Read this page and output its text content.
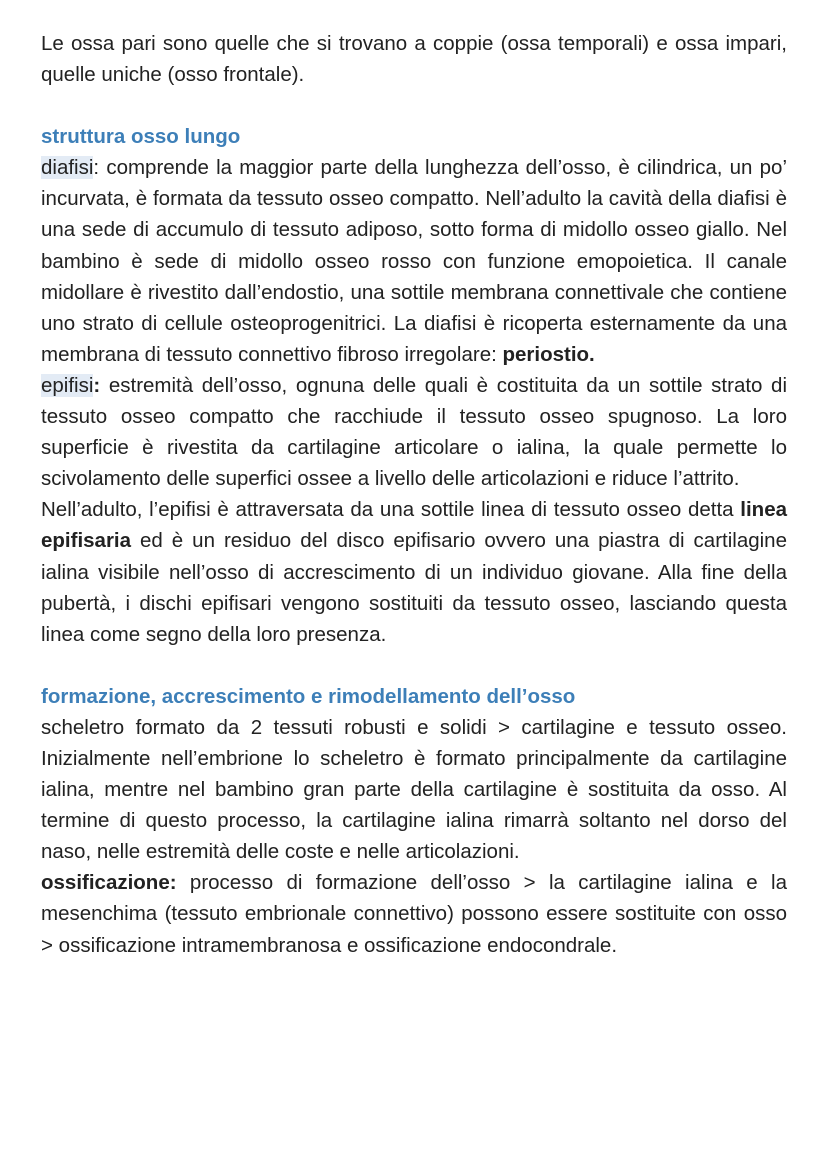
Le ossa pari sono quelle che si trovano a coppie (ossa temporali) e ossa impari, quelle uniche (osso frontale).

struttura osso lungo

diafisi: comprende la maggior parte della lunghezza dell’osso, è cilindrica, un po’ incurvata, è formata da tessuto osseo compatto. Nell’adulto la cavità della diafisi è una sede di accumulo di tessuto adiposo, sotto forma di midollo osseo giallo. Nel bambino è sede di midollo osseo rosso con funzione emopoietica. Il canale midollare è rivestito dall’endostio, una sottile membrana connettivale che contiene uno strato di cellule osteoprogenitrici. La diafisi è ricoperta esternamente da una membrana di tessuto connettivo fibroso irregolare: periostio.

epifisi: estremità dell’osso, ognuna delle quali è costituita da un sottile strato di tessuto osseo compatto che racchiude il tessuto osseo spugnoso. La loro superficie è rivestita da cartilagine articolare o ialina, la quale permette lo scivolamento delle superfici ossee a livello delle articolazioni e riduce l’attrito.

Nell’adulto, l’epifisi è attraversata da una sottile linea di tessuto osseo detta linea epifisaria ed è un residuo del disco epifisario ovvero una piastra di cartilagine ialina visibile nell’osso di accrescimento di un individuo giovane. Alla fine della pubertà, i dischi epifisari vengono sostituiti da tessuto osseo, lasciando questa linea come segno della loro presenza.

formazione, accrescimento e rimodellamento dell’osso

scheletro formato da 2 tessuti robusti e solidi > cartilagine e tessuto osseo. Inizialmente nell’embrione lo scheletro è formato principalmente da cartilagine ialina, mentre nel bambino gran parte della cartilagine è sostituita da osso. Al termine di questo processo, la cartilagine ialina rimarrà soltanto nel dorso del naso, nelle estremità delle coste e nelle articolazioni.

ossificazione: processo di formazione dell’osso > la cartilagine ialina e la mesenchima (tessuto embrionale connettivo) possono essere sostituite con osso > ossificazione intramembranosa e ossificazione endocondrale.
